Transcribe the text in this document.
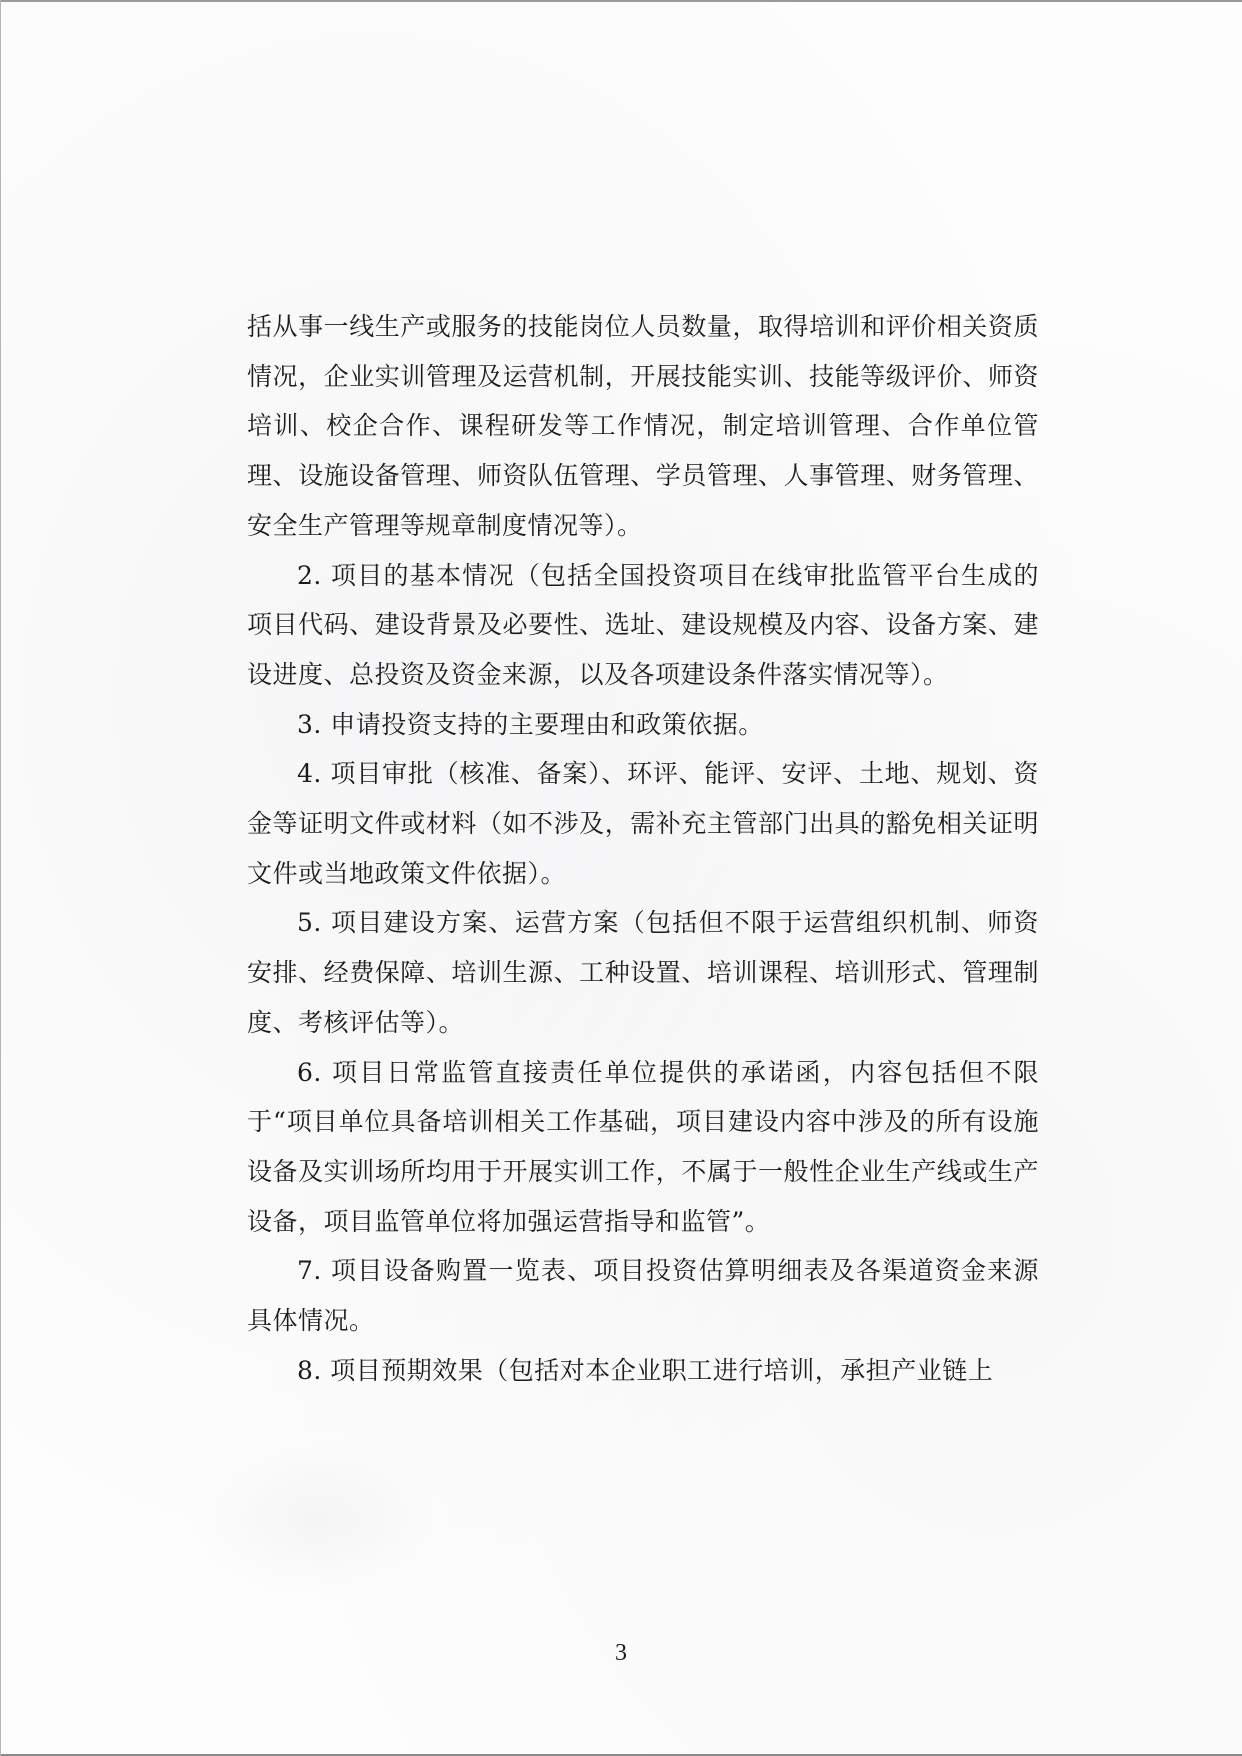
括从事一线生产或服务的技能岗位人员数量，取得培训和评价相关资质情况，企业实训管理及运营机制，开展技能实训、技能等级评价、师资培训、校企合作、课程研发等工作情况，制定培训管理、合作单位管理、设施设备管理、师资队伍管理、学员管理、人事管理、财务管理、安全生产管理等规章制度情况等）。

2. 项目的基本情况（包括全国投资项目在线审批监管平台生成的项目代码、建设背景及必要性、选址、建设规模及内容、设备方案、建设进度、总投资及资金来源，以及各项建设条件落实情况等）。

3. 申请投资支持的主要理由和政策依据。

4. 项目审批（核准、备案）、环评、能评、安评、土地、规划、资金等证明文件或材料（如不涉及，需补充主管部门出具的豁免相关证明文件或当地政策文件依据）。

5. 项目建设方案、运营方案（包括但不限于运营组织机制、师资安排、经费保障、培训生源、工种设置、培训课程、培训形式、管理制度、考核评估等）。

6. 项目日常监管直接责任单位提供的承诺函，内容包括但不限于“项目单位具备培训相关工作基础，项目建设内容中涉及的所有设施设备及实训场所均用于开展实训工作，不属于一般性企业生产线或生产设备，项目监管单位将加强运营指导和监管”。

7. 项目设备购置一览表、项目投资估算明细表及各渠道资金来源具体情况。

8. 项目预期效果（包括对本企业职工进行培训，承担产业链上

3
